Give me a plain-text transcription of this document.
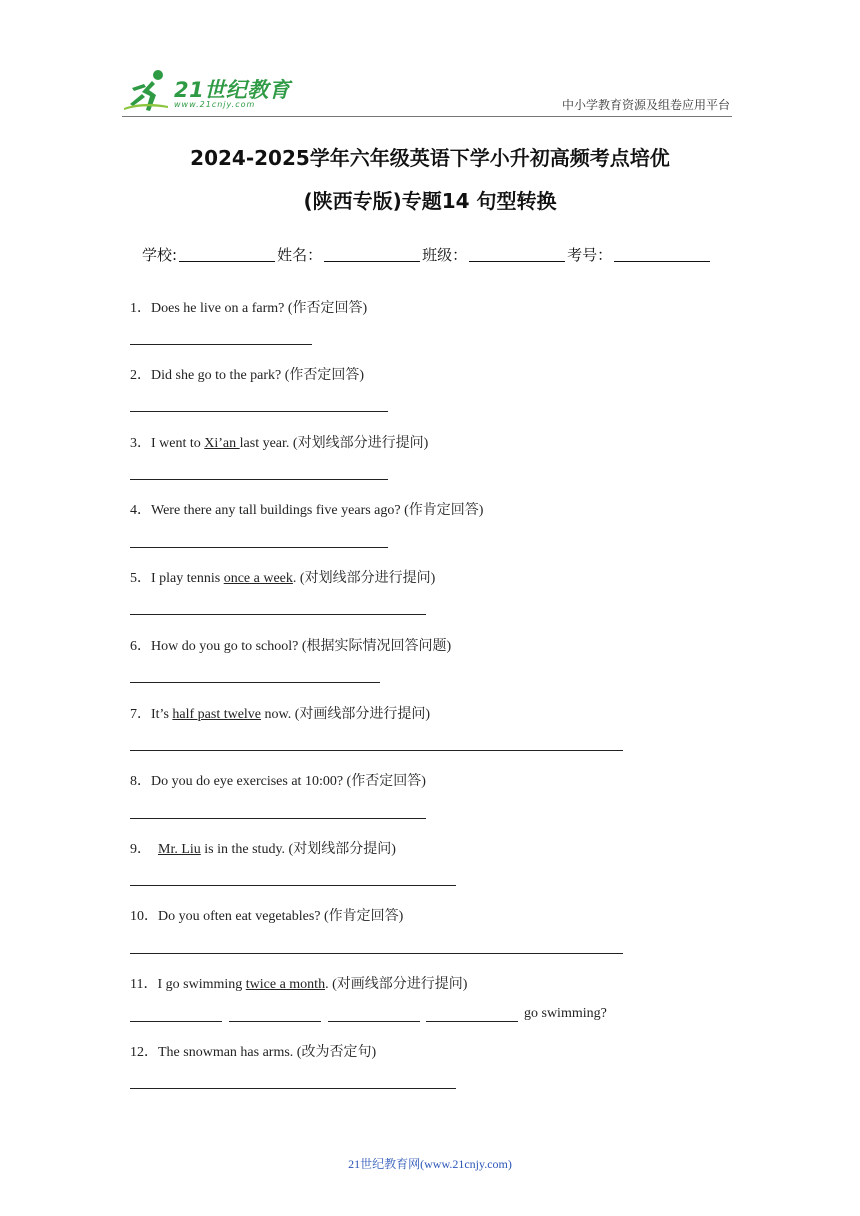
21世纪教育
www.21cnjy.com	中小学教育资源及组卷应用平台
2024-2025学年六年级英语下学小升初高频考点培优
(陕西专版)专题14 句型转换
学校:	姓名：	班级：	考号：
1．Does he live on a farm? (作否定回答)
2．Did she go to the park? (作否定回答)
3．I went to Xi’an last year. (对划线部分进行提问)
4．Were there any tall buildings five years ago? (作肯定回答)
5．I play tennis once a week. (对划线部分进行提问)
6．How do you go to school? (根据实际情况回答问题)
7．It’s half past twelve now. (对画线部分进行提问)
8．Do you do eye exercises at 10:00? (作否定回答)
9． Mr. Liu is in the study. (对划线部分提问)
10．Do you often eat vegetables? (作肯定回答)
11．I go swimming twice a month. (对画线部分进行提问)
go swimming?
12．The snowman has arms. (改为否定句)
21世纪教育网(www.21cnjy.com)
